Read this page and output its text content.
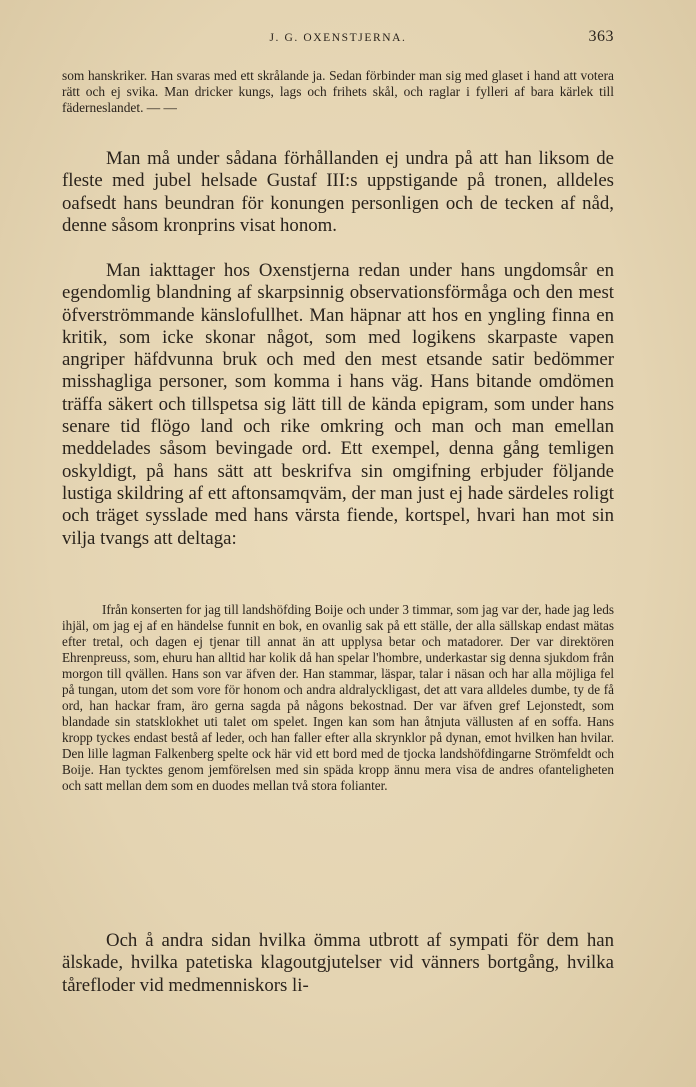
J. G. OXENSTJERNA.	363

som hanskriker. Han svaras med ett skrålande ja. Sedan förbinder man sig med glaset i hand att votera rätt och ej svika. Man dricker kungs, lags och frihets skål, och raglar i fylleri af bara kärlek till fäderneslandet. — —

Man må under sådana förhållanden ej undra på att han liksom de fleste med jubel helsade Gustaf III:s uppstigande på tronen, alldeles oafsedt hans beundran för konungen personligen och de tecken af nåd, denne såsom kronprins visat honom.

Man iakttager hos Oxenstjerna redan under hans ungdomsår en egendomlig blandning af skarpsinnig observationsförmåga och den mest öfverströmmande känslofullhet. Man häpnar att hos en yngling finna en kritik, som icke skonar något, som med logikens skarpaste vapen angriper häfdvunna bruk och med den mest etsande satir bedömmer misshagliga personer, som komma i hans väg. Hans bitande omdömen träffa säkert och tillspetsa sig lätt till de kända epigram, som under hans senare tid flögo land och rike omkring och man och man emellan meddelades såsom bevingade ord. Ett exempel, denna gång temligen oskyldigt, på hans sätt att beskrifva sin omgifning erbjuder följande lustiga skildring af ett aftonsamqväm, der man just ej hade särdeles roligt och träget sysslade med hans värsta fiende, kortspel, hvari han mot sin vilja tvangs att deltaga:

Ifrån konserten for jag till landshöfding Boije och under 3 timmar, som jag var der, hade jag leds ihjäl, om jag ej af en händelse funnit en bok, en ovanlig sak på ett ställe, der alla sällskap endast mätas efter tretal, och dagen ej tjenar till annat än att upplysa betar och matadorer. Der var direktören Ehrenpreuss, som, ehuru han alltid har kolik då han spelar l'hombre, underkastar sig denna sjukdom från morgon till qvällen. Hans son var äfven der. Han stammar, läspar, talar i näsan och har alla möjliga fel på tungan, utom det som vore för honom och andra aldralyckligast, det att vara alldeles dumbe, ty de få ord, han hackar fram, äro gerna sagda på någons bekostnad. Der var äfven gref Lejonstedt, som blandade sin statsklokhet uti talet om spelet. Ingen kan som han åtnjuta vällusten af en soffa. Hans kropp tyckes endast bestå af leder, och han faller efter alla skrynklor på dynan, emot hvilken han hvilar. Den lille lagman Falkenberg spelte ock här vid ett bord med de tjocka landshöfdingarne Strömfeldt och Boije. Han tycktes genom jemförelsen med sin späda kropp ännu mera visa de andres ofanteligheten och satt mellan dem som en duodes mellan två stora folianter.

Och å andra sidan hvilka ömma utbrott af sympati för dem han älskade, hvilka patetiska klagoutgjutelser vid vänners bortgång, hvilka tårefloder vid medmenniskors li-
